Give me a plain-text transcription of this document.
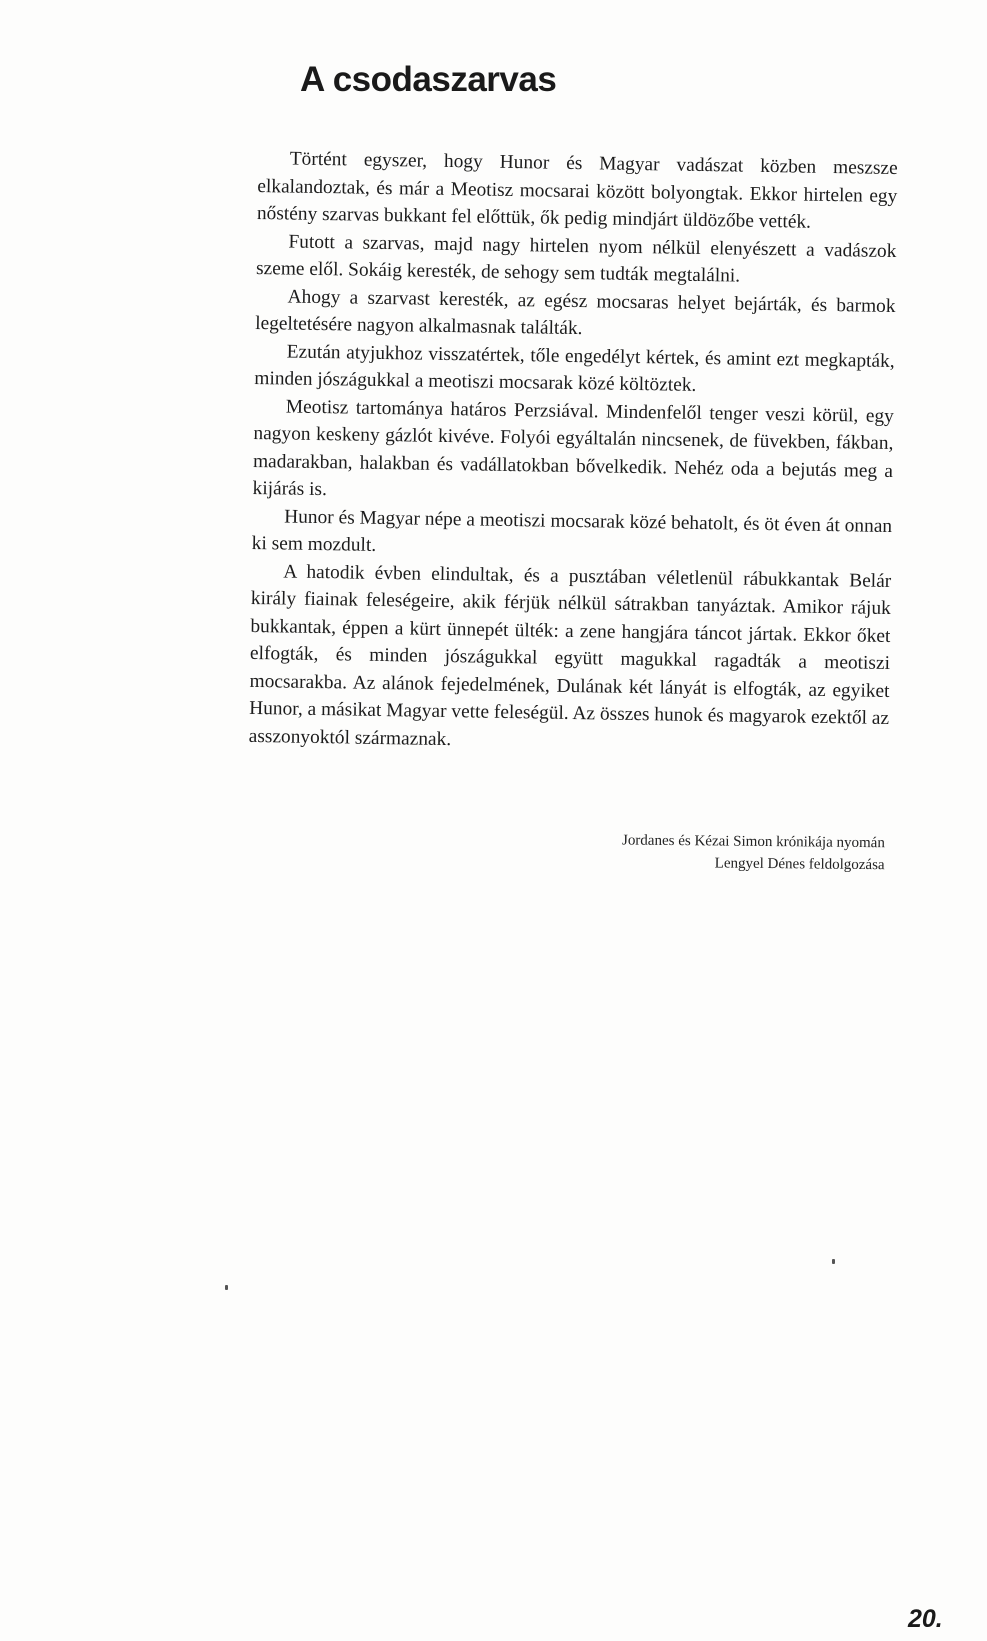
A csodaszarvas

Történt egyszer, hogy Hunor és Magyar vadászat közben meszsze elkalandoztak, és már a Meotisz mocsarai között bolyongtak. Ekkor hirtelen egy nőstény szarvas bukkant fel előttük, ők pedig mindjárt üldözőbe vették.

Futott a szarvas, majd nagy hirtelen nyom nélkül elenyészett a vadászok szeme elől. Sokáig keresték, de sehogy sem tudták megtalálni.

Ahogy a szarvast keresték, az egész mocsaras helyet bejárták, és barmok legeltetésére nagyon alkalmasnak találták.

Ezután atyjukhoz visszatértek, tőle engedélyt kértek, és amint ezt megkapták, minden jószágukkal a meotiszi mocsarak közé költöztek.

Meotisz tartománya határos Perzsiával. Mindenfelől tenger veszi körül, egy nagyon keskeny gázlót kivéve. Folyói egyáltalán nincsenek, de füvekben, fákban, madarakban, halakban és vadállatokban bővelkedik. Nehéz oda a bejutás meg a kijárás is.

Hunor és Magyar népe a meotiszi mocsarak közé behatolt, és öt éven át onnan ki sem mozdult.

A hatodik évben elindultak, és a pusztában véletlenül rábukkantak Belár király fiainak feleségeire, akik férjük nélkül sátrakban tanyáztak. Amikor rájuk bukkantak, éppen a kürt ünnepét ülték: a zene hangjára táncot jártak. Ekkor őket elfogták, és minden jószágukkal együtt magukkal ragadták a meotiszi mocsarakba. Az alánok fejedelmének, Dulának két lányát is elfogták, az egyiket Hunor, a másikat Magyar vette feleségül. Az összes hunok és magyarok ezektől az asszonyoktól származnak.

Jordanes és Kézai Simon krónikája nyomán
Lengyel Dénes feldolgozása
20.
